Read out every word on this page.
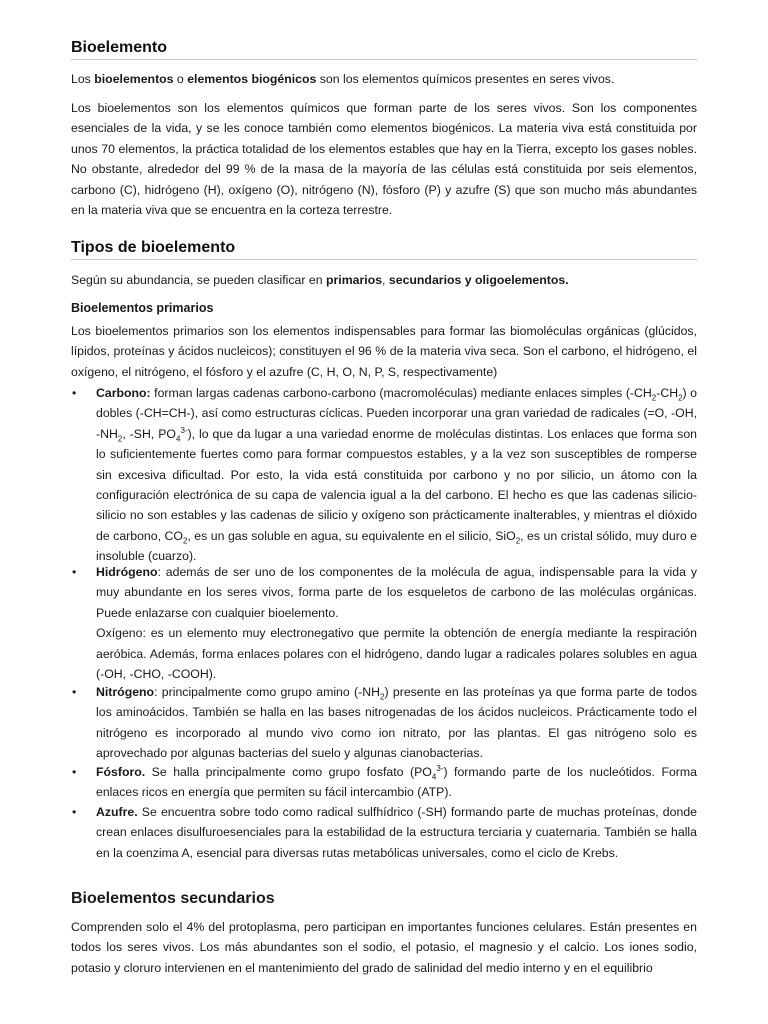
Bioelemento
Los bioelementos o elementos biogénicos son los elementos químicos presentes en seres vivos.
Los bioelementos son los elementos químicos que forman parte de los seres vivos. Son los componentes esenciales de la vida, y se les conoce también como elementos biogénicos. La materia viva está constituida por unos 70 elementos, la práctica totalidad de los elementos estables que hay en la Tierra, excepto los gases nobles. No obstante, alrededor del 99 % de la masa de la mayoría de las células está constituida por seis elementos, carbono (C), hidrógeno (H), oxígeno (O), nitrógeno (N), fósforo (P) y azufre (S) que son mucho más abundantes en la materia viva que se encuentra en la corteza terrestre.
Tipos de bioelemento
Según su abundancia, se pueden clasificar en primarios, secundarios y oligoelementos.
Bioelementos primarios
Los bioelementos primarios son los elementos indispensables para formar las biomoléculas orgánicas (glúcidos, lípidos, proteínas y ácidos nucleicos); constituyen el 96 % de la materia viva seca. Son el carbono, el hidrógeno, el oxígeno, el nitrógeno, el fósforo y el azufre (C, H, O, N, P, S, respectivamente)
• Carbono: forman largas cadenas carbono-carbono (macromoléculas) mediante enlaces simples $(-CH_2-CH_2)$ o dobles (-CH=CH-), así como estructuras cíclicas. Pueden incorporar una gran variedad de radicales (=O, -OH, $-NH_2$, -SH, $PO_4^{3-}$), lo que da lugar a una variedad enorme de moléculas distintas. Los enlaces que forma son lo suficientemente fuertes como para formar compuestos estables, y a la vez son susceptibles de romperse sin excesiva dificultad. Por esto, la vida está constituida por carbono y no por silicio, un átomo con la configuración electrónica de su capa de valencia igual a la del carbono. El hecho es que las cadenas silicio-silicio no son estables y las cadenas de silicio y oxígeno son prácticamente inalterables, y mientras el dióxido de carbono, $CO_2$, es un gas soluble en agua, su equivalente en el silicio, SiO$_2$, es un cristal sólido, muy duro e insoluble (cuarzo).
• Hidrógeno: además de ser uno de los componentes de la molécula de agua, indispensable para la vida y muy abundante en los seres vivos, forma parte de los esqueletos de carbono de las moléculas orgánicas. Puede enlazarse con cualquier bioelemento.
Oxígeno: es un elemento muy electronegativo que permite la obtención de energía mediante la respiración aeróbica. Además, forma enlaces polares con el hidrógeno, dando lugar a radicales polares solubles en agua (-OH, -CHO, -COOH).
• Nitrógeno: principalmente como grupo amino $(-NH_2)$ presente en las proteínas ya que forma parte de todos los aminoácidos. También se halla en las bases nitrogenadas de los ácidos nucleicos. Prácticamente todo el nitrógeno es incorporado al mundo vivo como ion nitrato, por las plantas. El gas nitrógeno solo es aprovechado por algunas bacterias del suelo y algunas cianobacterias.
• Fósforo. Se halla principalmente como grupo fosfato $(PO_4^{3-})$ formando parte de los nucleótidos. Forma enlaces ricos en energía que permiten su fácil intercambio (ATP).
• Azufre. Se encuentra sobre todo como radical sulfhídrico (-SH) formando parte de muchas proteínas, donde crean enlaces disulfuroesenciales para la estabilidad de la estructura terciaria y cuaternaria. También se halla en la coenzima A, esencial para diversas rutas metabólicas universales, como el ciclo de Krebs.
Bioelementos secundarios
Comprenden solo el 4% del protoplasma, pero participan en importantes funciones celulares. Están presentes en todos los seres vivos. Los más abundantes son el sodio, el potasio, el magnesio y el calcio. Los iones sodio, potasio y cloruro intervienen en el mantenimiento del grado de salinidad del medio interno y en el equilibrio
